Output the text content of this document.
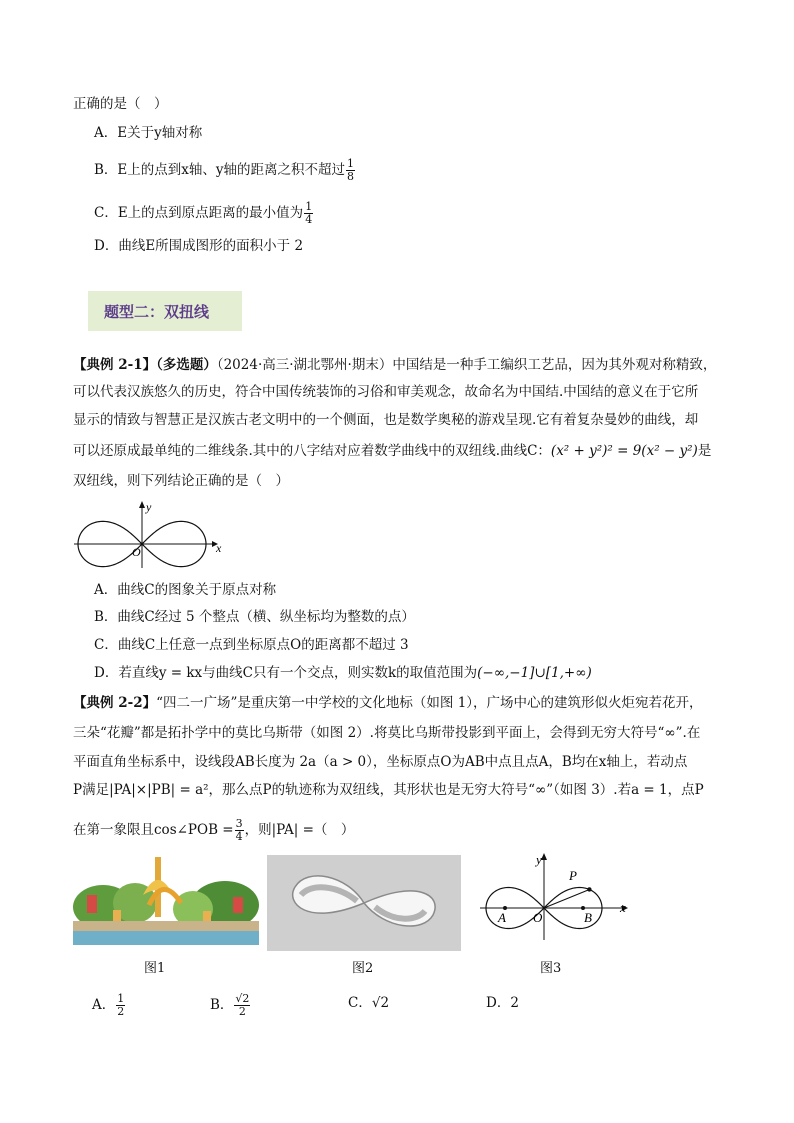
正确的是（　）
A．E关于y轴对称
B．E上的点到x轴、y轴的距离之积不超过 $\frac{1}{8}$
C．E上的点到原点距离的最小值为 $\frac{1}{4}$
D．曲线E所围成图形的面积小于 2
题型二：双扭线
【典例 2-1】（多选题）（2024·高三·湖北鄂州·期末）中国结是一种手工编织工艺品，因为其外观对称精致，
可以代表汉族悠久的历史，符合中国传统装饰的习俗和审美观念，故命名为中国结.中国结的意义在于它所
显示的情致与智慧正是汉族古老文明中的一个侧面，也是数学奥秘的游戏呈现.它有着复杂曼妙的曲线，却
可以还原成最单纯的二维线条.其中的八字结对应着数学曲线中的双纽线.曲线C：(x² + y²)² = 9(x² − y²)是
双纽线，则下列结论正确的是（　）
x
y
O
A．曲线C的图象关于原点对称
B．曲线C经过 5 个整点（横、纵坐标均为整数的点）
C．曲线C上任意一点到坐标原点O的距离都不超过 3
D．若直线y = kx与曲线C只有一个交点，则实数k的取值范围为(−∞,−1]∪[1,+∞)
【典例 2-2】“四二一广场”是重庆第一中学校的文化地标（如图 1），广场中心的建筑形似火炬宛若花开，
三朵“花瓣”都是拓扑学中的莫比乌斯带（如图 2）.将莫比乌斯带投影到平面上，会得到无穷大符号“∞”.在
平面直角坐标系中，设线段AB长度为 2a（a > 0），坐标原点O为AB中点且点A，B均在x轴上，若动点
P满足|PA|×|PB| = a²，那么点P的轨迹称为双纽线，其形状也是无穷大符号“∞”（如图 3）.若a = 1，点P
在第一象限且cos∠POB = $\frac{3}{4}$ ，则|PA| =（　）
y
x
P
A O	B
图1	图2	图3
A． $\frac{1}{2}$	B． $\frac{√2}{2}$	C．√2	D．2
